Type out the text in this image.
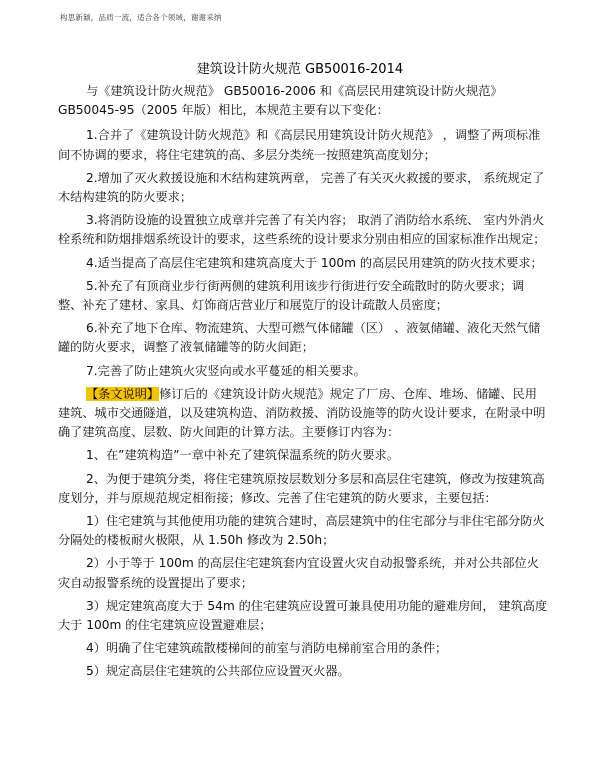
构思新颖，品质一流，适合各个领域，谢谢采纳
建筑设计防火规范 GB50016-2014

与《建筑设计防火规范》 GB50016-2006 和《高层民用建筑设计防火规范》 GB50045-95（2005 年版）相比，本规范主要有以下变化：

1.合并了《建筑设计防火规范》和《高层民用建筑设计防火规范》 ，调整了两项标准间不协调的要求，将住宅建筑的高、多层分类统一按照建筑高度划分；

2.增加了灭火救援设施和木结构建筑两章， 完善了有关灭火救援的要求， 系统规定了木结构建筑的防火要求；

3.将消防设施的设置独立成章并完善了有关内容； 取消了消防给水系统、 室内外消火栓系统和防烟排烟系统设计的要求，这些系统的设计要求分别由相应的国家标准作出规定；

4.适当提高了高层住宅建筑和建筑高度大于 100m 的高层民用建筑的防火技术要求；

5.补充了有顶商业步行街两侧的建筑利用该步行街进行安全疏散时的防火要求；调整、补充了建材、家具、灯饰商店营业厅和展览厅的设计疏散人员密度；

6.补充了地下仓库、物流建筑、大型可燃气体储罐（区） 、液氨储罐、液化天然气储罐的防火要求，调整了液氧储罐等的防火间距；

7.完善了防止建筑火灾竖向或水平蔓延的相关要求。

【条文说明】修订后的《建筑设计防火规范》规定了厂房、仓库、堆场、储罐、民用建筑、城市交通隧道，以及建筑构造、消防救援、消防设施等的防火设计要求，在附录中明确了建筑高度、层数、防火间距的计算方法。主要修订内容为：

1、在”建筑构造”一章中补充了建筑保温系统的防火要求。

2、为便于建筑分类，将住宅建筑原按层数划分多层和高层住宅建筑，修改为按建筑高度划分，并与原规范规定相衔接；修改、完善了住宅建筑的防火要求，主要包括：

1）住宅建筑与其他使用功能的建筑合建时，高层建筑中的住宅部分与非住宅部分防火分隔处的楼板耐火极限，从 1.50h 修改为 2.50h；

2）小于等于 100m 的高层住宅建筑套内宜设置火灾自动报警系统，并对公共部位火灾自动报警系统的设置提出了要求；

3）规定建筑高度大于 54m 的住宅建筑应设置可兼具使用功能的避难房间， 建筑高度大于 100m 的住宅建筑应设置避难层；

4）明确了住宅建筑疏散楼梯间的前室与消防电梯前室合用的条件；

5）规定高层住宅建筑的公共部位应设置灭火器。
